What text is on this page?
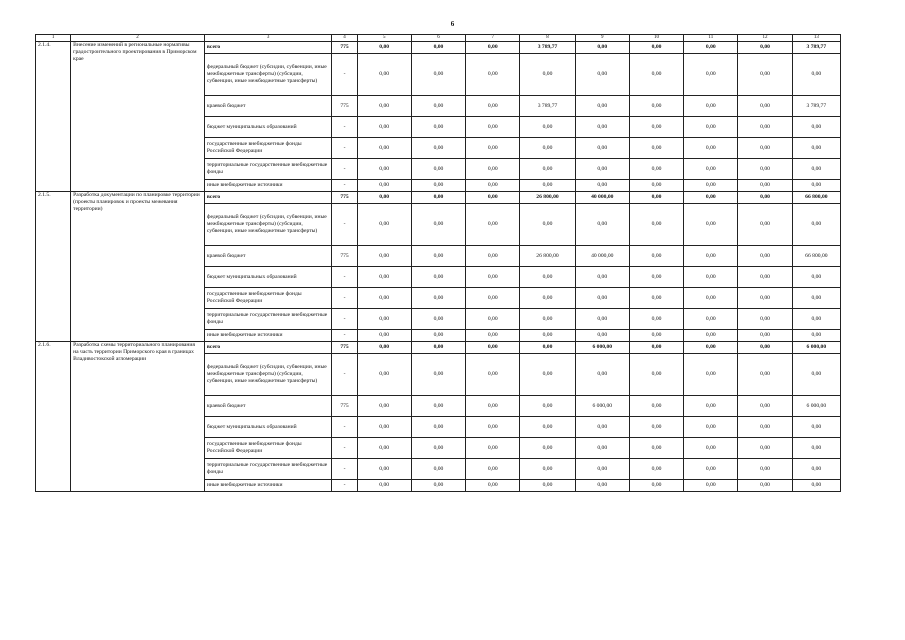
6
1	2	3	4	5	6	7	8	9	10	11	12	13
2.1.4.	Внесение изменений в региональные нормативы градостроительного проектирования в Приморском крае	всего	775	0,00	0,00	0,00	3 789,77	0,00	0,00	0,00	0,00	3 789,77
		федеральный бюджет (субсидии, субвенции, иные межбюджетные трансферты) (субсидии, субвенции, иные межбюджетные трансферты)	-	0,00	0,00	0,00	0,00	0,00	0,00	0,00	0,00	0,00
		краевой бюджет	775	0,00	0,00	0,00	3 789,77	0,00	0,00	0,00	0,00	3 789,77
		бюджет муниципальных образований	-	0,00	0,00	0,00	0,00	0,00	0,00	0,00	0,00	0,00
		государственные внебюджетные фонды Российской Федерации	-	0,00	0,00	0,00	0,00	0,00	0,00	0,00	0,00	0,00
		территориальные государственные внебюджетные фонды	-	0,00	0,00	0,00	0,00	0,00	0,00	0,00	0,00	0,00
		иные внебюджетные источники	-	0,00	0,00	0,00	0,00	0,00	0,00	0,00	0,00	0,00
2.1.5.	Разработка документации по планировке территории (проекты планировок и проекты межевания территории)	всего	775	0,00	0,00	0,00	26 800,00	40 000,00	0,00	0,00	0,00	66 800,00
		федеральный бюджет (субсидии, субвенции, иные межбюджетные трансферты) (субсидии, субвенции, иные межбюджетные трансферты)	-	0,00	0,00	0,00	0,00	0,00	0,00	0,00	0,00	0,00
		краевой бюджет	775	0,00	0,00	0,00	26 800,00	40 000,00	0,00	0,00	0,00	66 800,00
		бюджет муниципальных образований	-	0,00	0,00	0,00	0,00	0,00	0,00	0,00	0,00	0,00
		государственные внебюджетные фонды Российской Федерации	-	0,00	0,00	0,00	0,00	0,00	0,00	0,00	0,00	0,00
		территориальные государственные внебюджетные фонды	-	0,00	0,00	0,00	0,00	0,00	0,00	0,00	0,00	0,00
		иные внебюджетные источники	-	0,00	0,00	0,00	0,00	0,00	0,00	0,00	0,00	0,00
2.1.6.	Разработка схемы территориального планирования на часть территории Приморского края в границах Владивостокской агломерации	всего	775	0,00	0,00	0,00	0,00	6 000,00	0,00	0,00	0,00	6 000,00
		федеральный бюджет (субсидии, субвенции, иные межбюджетные трансферты) (субсидии, субвенции, иные межбюджетные трансферты)	-	0,00	0,00	0,00	0,00	0,00	0,00	0,00	0,00	0,00
		краевой бюджет	775	0,00	0,00	0,00	0,00	6 000,00	0,00	0,00	0,00	6 000,00
		бюджет муниципальных образований	-	0,00	0,00	0,00	0,00	0,00	0,00	0,00	0,00	0,00
		государственные внебюджетные фонды Российской Федерации	-	0,00	0,00	0,00	0,00	0,00	0,00	0,00	0,00	0,00
		территориальные государственные внебюджетные фонды	-	0,00	0,00	0,00	0,00	0,00	0,00	0,00	0,00	0,00
		иные внебюджетные источники	-	0,00	0,00	0,00	0,00	0,00	0,00	0,00	0,00	0,00
